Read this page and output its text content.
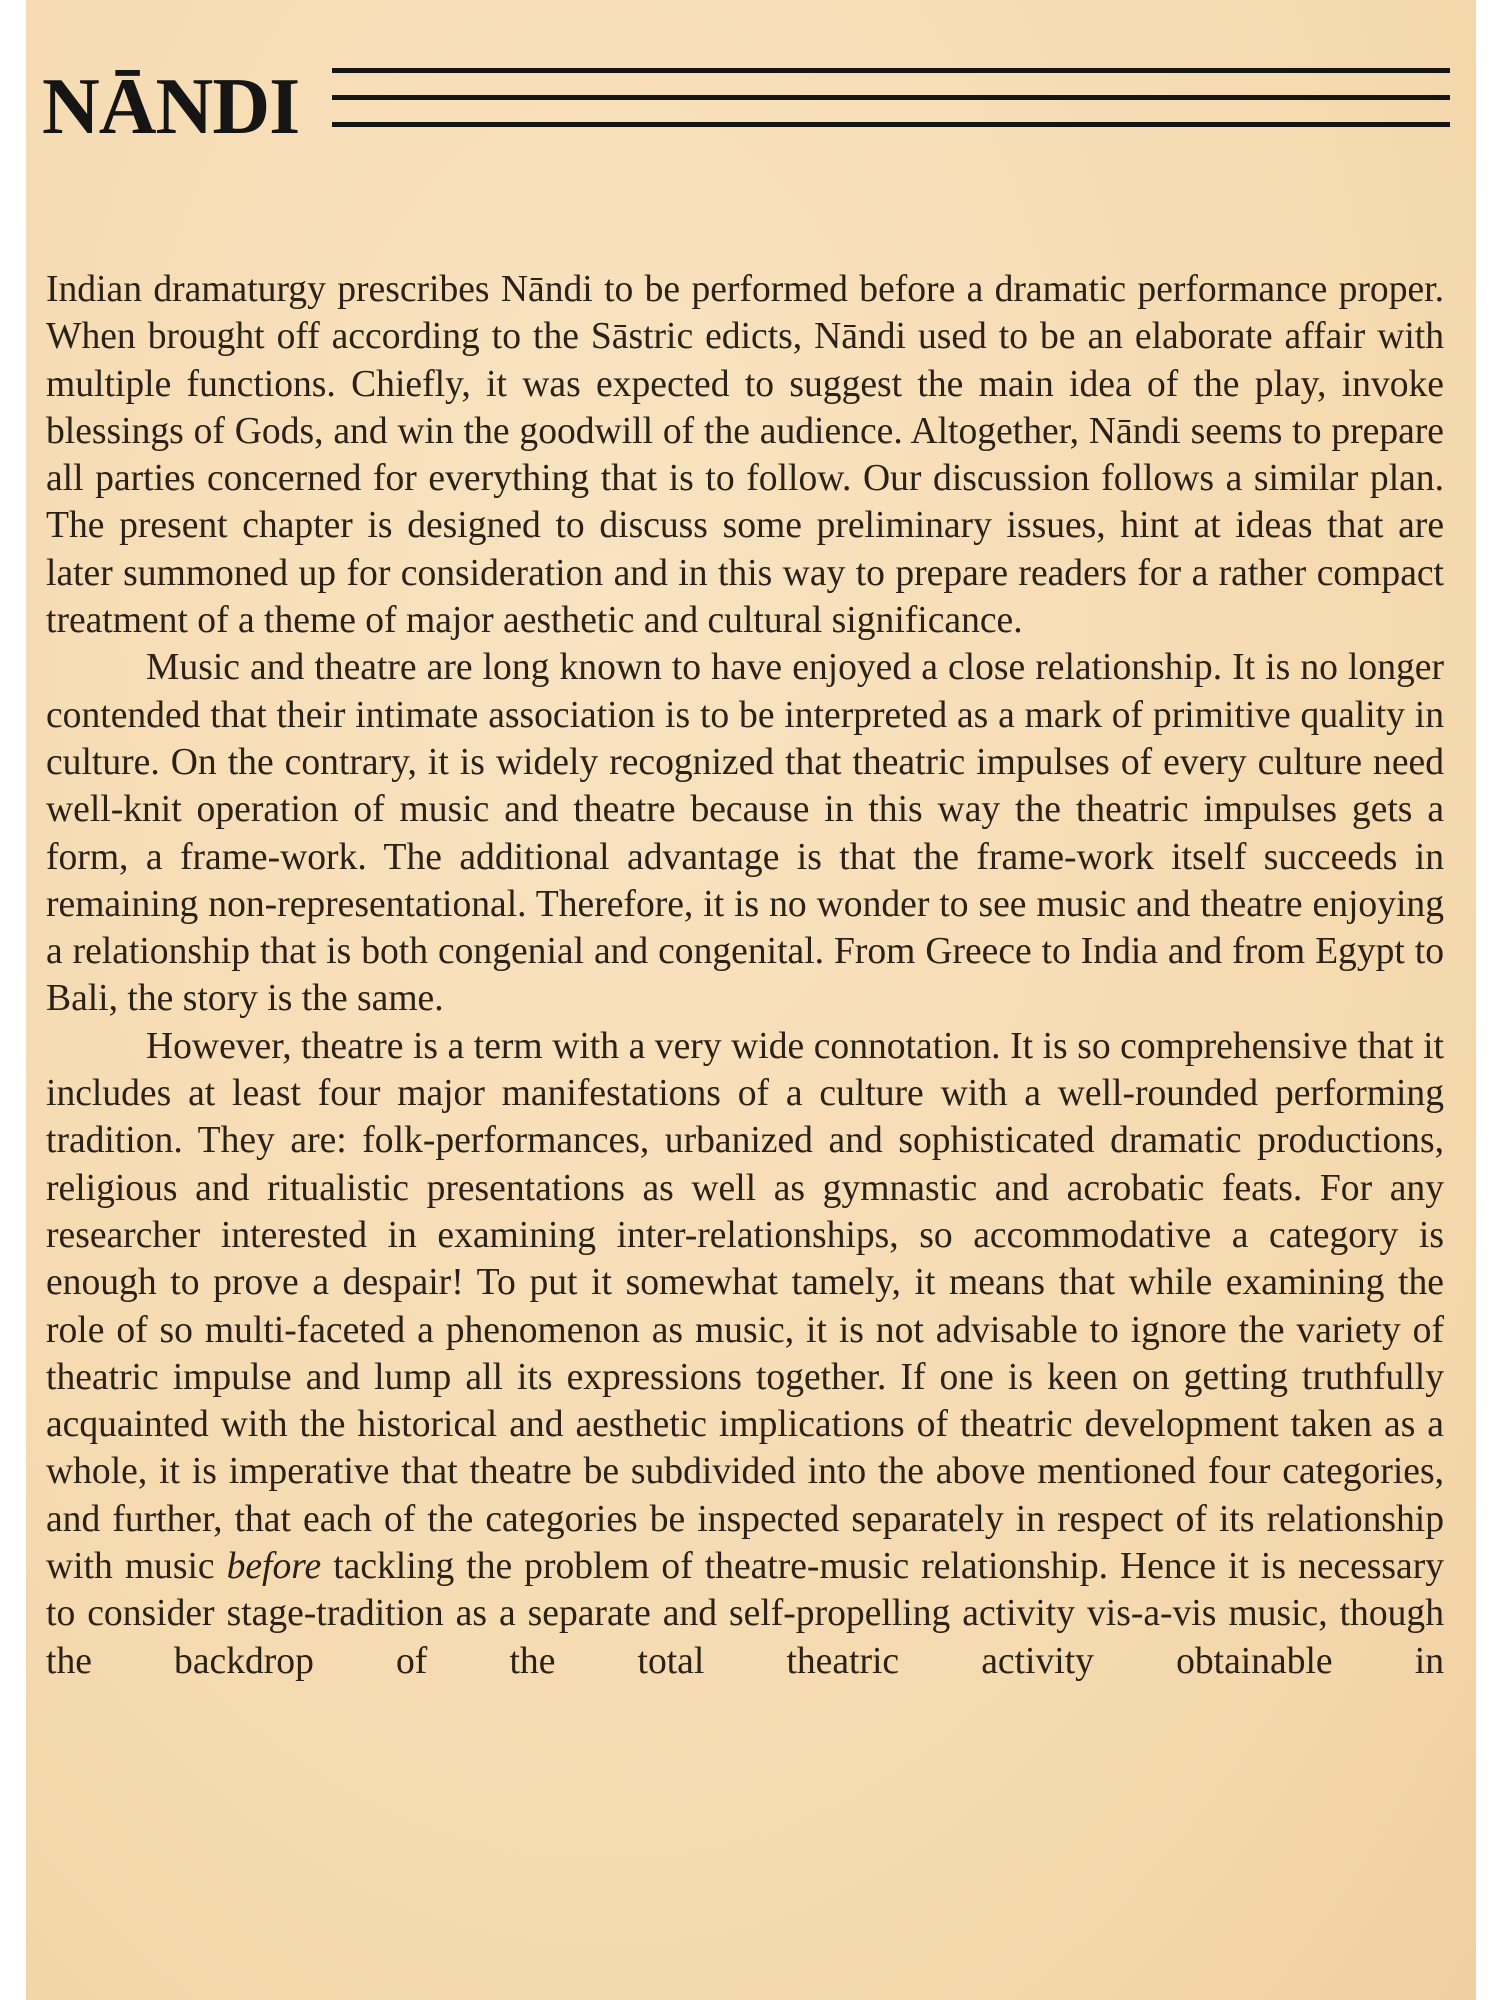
NĀNDI

Indian dramaturgy prescribes Nāndi to be performed before a dramatic performance proper. When brought off according to the Sāstric edicts, Nāndi used to be an elaborate affair with multiple functions. Chiefly, it was expected to suggest the main idea of the play, invoke blessings of Gods, and win the goodwill of the audience. Altogether, Nāndi seems to prepare all parties concerned for everything that is to follow. Our discussion follows a similar plan. The present chapter is designed to discuss some preliminary issues, hint at ideas that are later summoned up for consideration and in this way to prepare readers for a rather compact treatment of a theme of major aesthetic and cultural significance.

Music and theatre are long known to have enjoyed a close relationship. It is no longer contended that their intimate association is to be interpreted as a mark of primitive quality in culture. On the contrary, it is widely recognized that theatric impulses of every culture need well-knit operation of music and theatre because in this way the theatric impulses gets a form, a frame-work. The additional advantage is that the frame-work itself succeeds in remaining non-representational. Therefore, it is no wonder to see music and theatre enjoying a relationship that is both congenial and congenital. From Greece to India and from Egypt to Bali, the story is the same.

However, theatre is a term with a very wide connotation. It is so comprehensive that it includes at least four major manifestations of a culture with a well-rounded performing tradition. They are: folk-performances, urbanized and sophisticated dramatic productions, religious and ritualistic presentations as well as gymnastic and acrobatic feats. For any researcher interested in examining inter-relationships, so accommodative a category is enough to prove a despair! To put it somewhat tamely, it means that while examining the role of so multi-faceted a phenomenon as music, it is not advisable to ignore the variety of theatric impulse and lump all its expressions together. If one is keen on getting truthfully acquainted with the historical and aesthetic implications of theatric development taken as a whole, it is imperative that theatre be subdivided into the above mentioned four categories, and further, that each of the categories be inspected separately in respect of its relationship with music before tackling the problem of theatre-music relationship. Hence it is necessary to consider stage-tradition as a separate and self-propelling activity vis-a-vis music, though the backdrop of the total theatric activity obtainable in
